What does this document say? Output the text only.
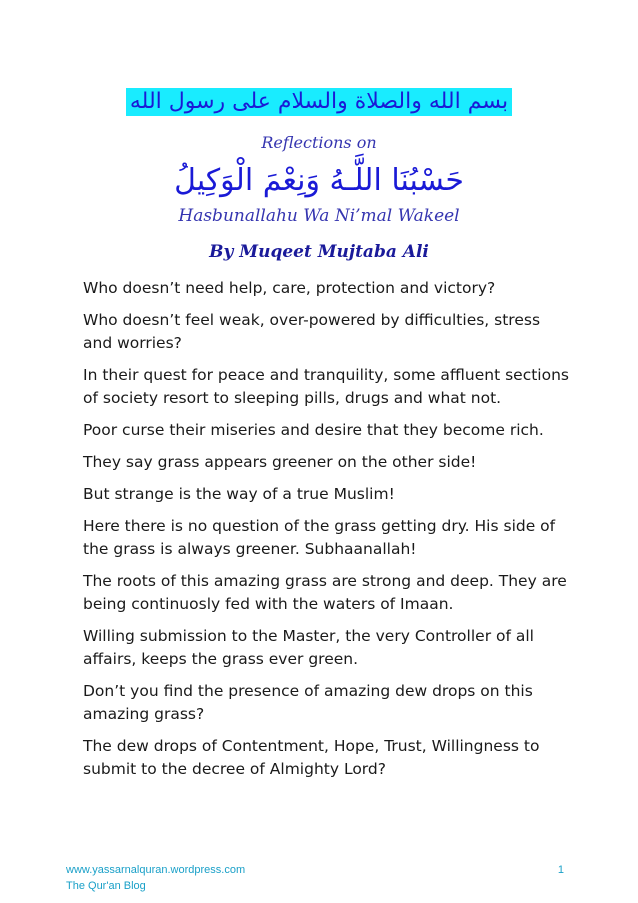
بسم الله والصلاة والسلام على رسول الله
Reflections on
حَسْبُنَا اللَّـهُ وَنِعْمَ الْوَكِيلُ
Hasbunallahu Wa Ni’mal Wakeel
By Muqeet Mujtaba Ali

Who doesn’t need help, care, protection and victory?

Who doesn’t feel weak, over-powered by difficulties, stress and worries?

In their quest for peace and tranquility, some affluent sections of society resort to sleeping pills, drugs and what not.

Poor curse their miseries and desire that they become rich.

They say grass appears greener on the other side!

But strange is the way of a true Muslim!

Here there is no question of the grass getting dry. His side of the grass is always greener. Subhaanallah!

The roots of this amazing grass are strong and deep. They are being continuosly fed with the waters of Imaan.

Willing submission to the Master, the very Controller of all affairs, keeps the grass ever green.

Don’t you find the presence of amazing dew drops on this amazing grass?

The dew drops of Contentment, Hope, Trust, Willingness to submit to the decree of Almighty Lord?

www.yassarnalquran.wordpress.com
The Qur'an Blog
1
